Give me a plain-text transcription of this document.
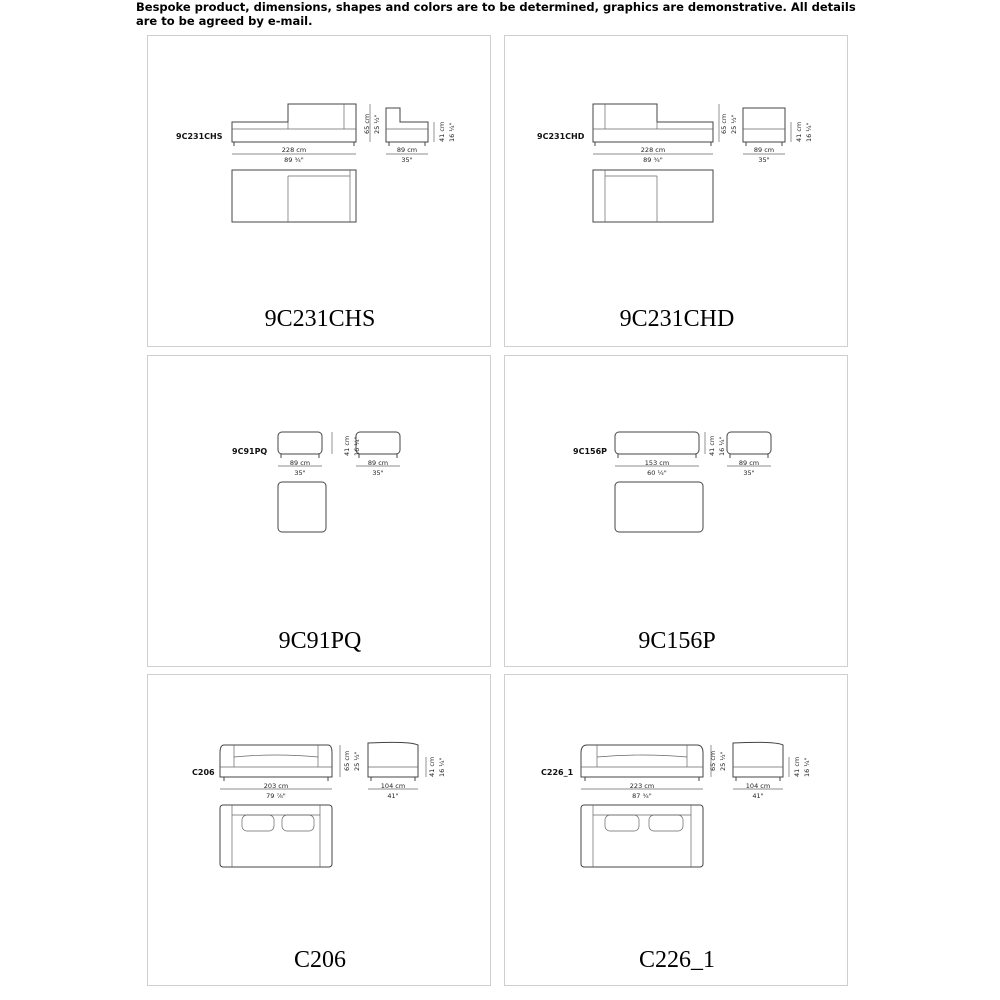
Bespoke product, dimensions, shapes and colors are to be determined, graphics are demonstrative. All details are to be agreed by e-mail.
9C231CHS
228 cm
89 ¾"
65 cm 25 ½"	41 cm 16 ¼"
89 cm
35"
9C231CHS
9C231CHD
228 cm
89 ¾"
65 cm 25 ½"	41 cm 16 ¼"
89 cm
35"
9C231CHD
9C91PQ
89 cm
35"
41 cm 16 ¼"
89 cm
35"
9C91PQ
9C156P
153 cm
60 ¼"
41 cm 16 ¼"
89 cm
35"
9C156P
C206
203 cm
79 ⅞"
65 cm 25 ½"	41 cm 16 ¼"
104 cm
41"
C206
C226_1
223 cm
87 ¾"
65 cm 25 ½"	41 cm 16 ¼"
104 cm
41"
C226_1
